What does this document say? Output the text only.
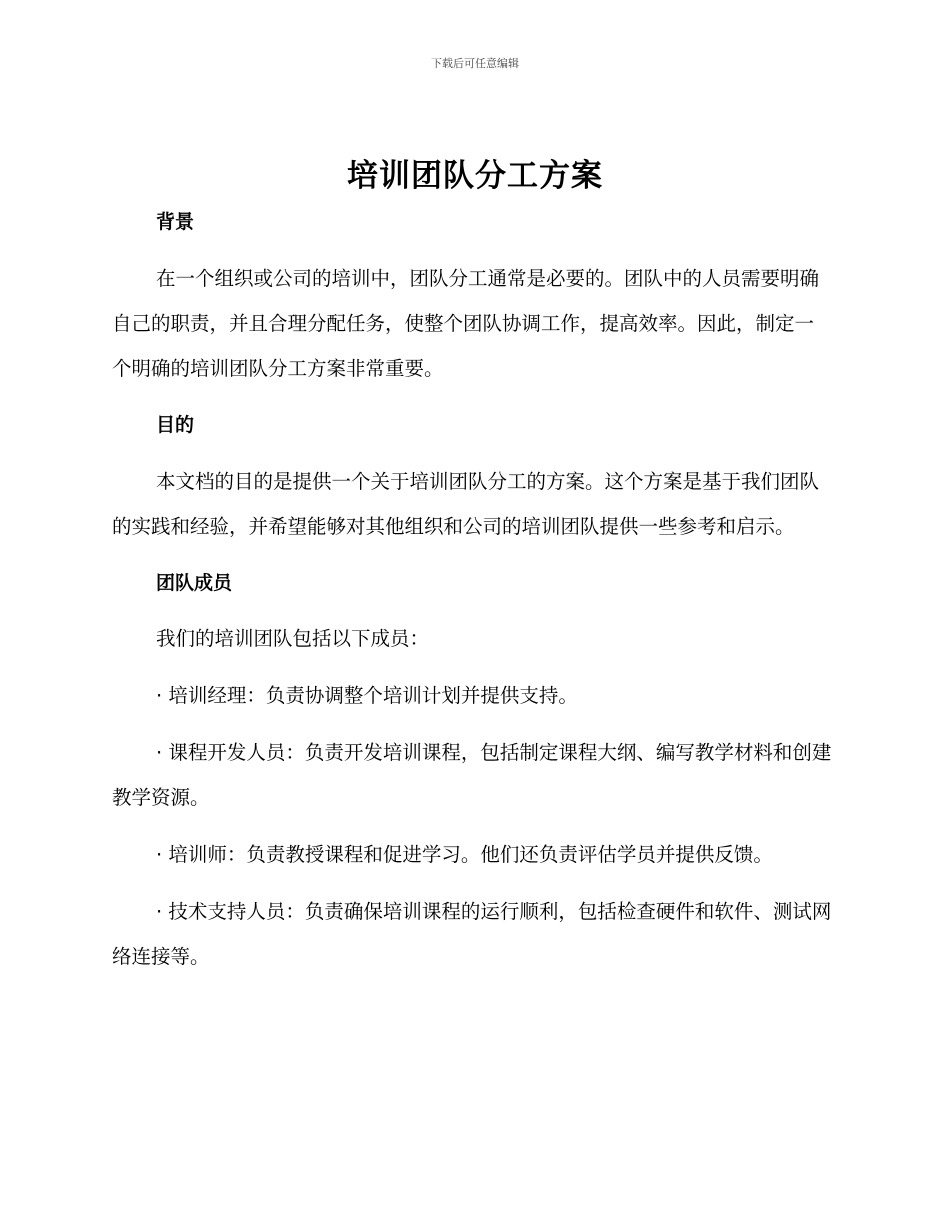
下载后可任意编辑
培训团队分工方案

背景

在一个组织或公司的培训中，团队分工通常是必要的。团队中的人员需要明确自己的职责，并且合理分配任务，使整个团队协调工作，提高效率。因此，制定一个明确的培训团队分工方案非常重要。

目的

本文档的目的是提供一个关于培训团队分工的方案。这个方案是基于我们团队的实践和经验，并希望能够对其他组织和公司的培训团队提供一些参考和启示。

团队成员

我们的培训团队包括以下成员：

· 培训经理：负责协调整个培训计划并提供支持。

· 课程开发人员：负责开发培训课程，包括制定课程大纲、编写教学材料和创建教学资源。

· 培训师：负责教授课程和促进学习。他们还负责评估学员并提供反馈。

· 技术支持人员：负责确保培训课程的运行顺利，包括检查硬件和软件、测试网络连接等。
